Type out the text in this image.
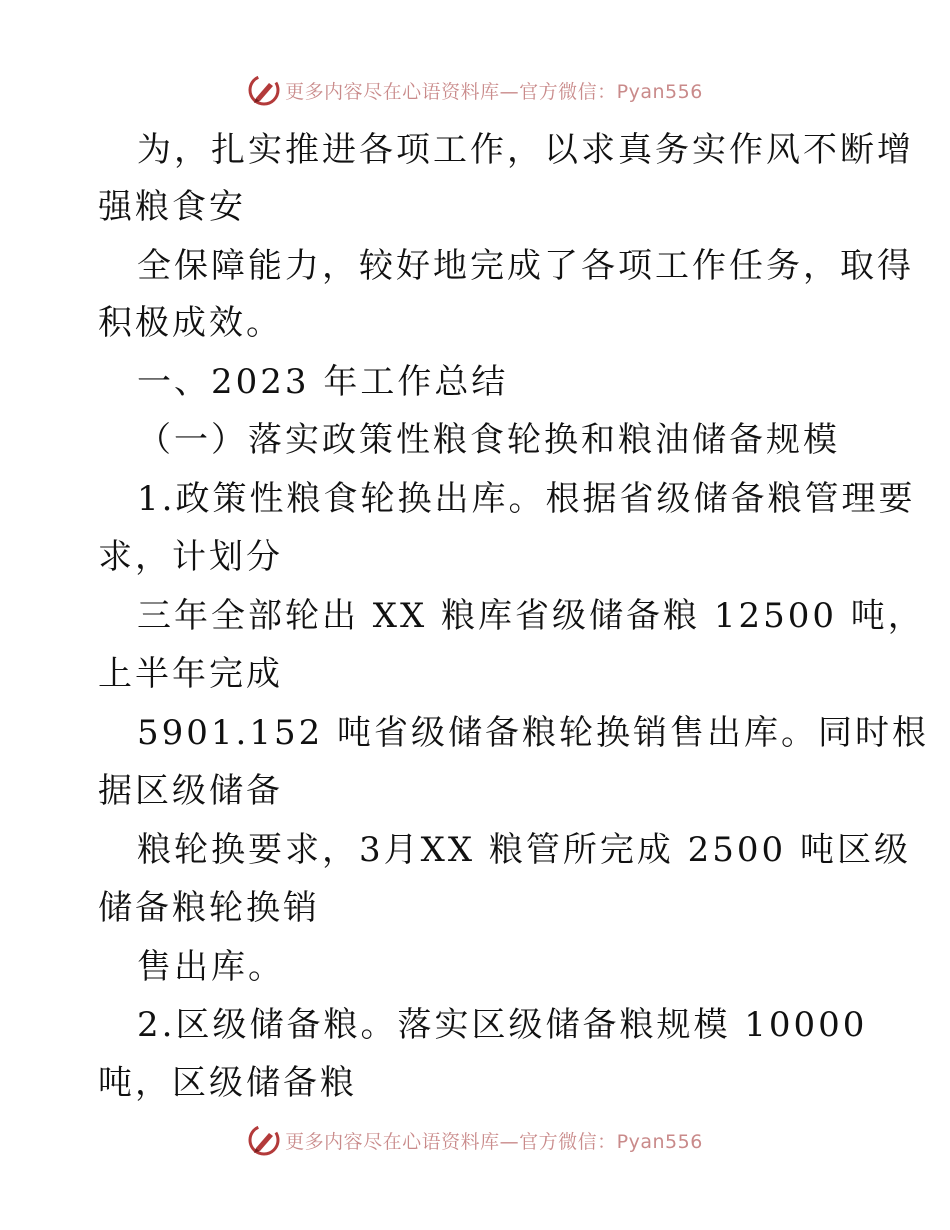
更多内容尽在心语资料库—官方微信：Pyan556
为，扎实推进各项工作，以求真务实作风不断增
强粮食安
全保障能力，较好地完成了各项工作任务，取得
积极成效。
一、2023 年工作总结
（一）落实政策性粮食轮换和粮油储备规模
1.政策性粮食轮换出库。根据省级储备粮管理要
求，计划分
三年全部轮出 XX 粮库省级储备粮 12500 吨，
上半年完成
5901.152 吨省级储备粮轮换销售出库。同时根
据区级储备
粮轮换要求，3月XX 粮管所完成 2500 吨区级
储备粮轮换销
售出库。
2.区级储备粮。落实区级储备粮规模 10000
吨，区级储备粮
更多内容尽在心语资料库—官方微信：Pyan556
